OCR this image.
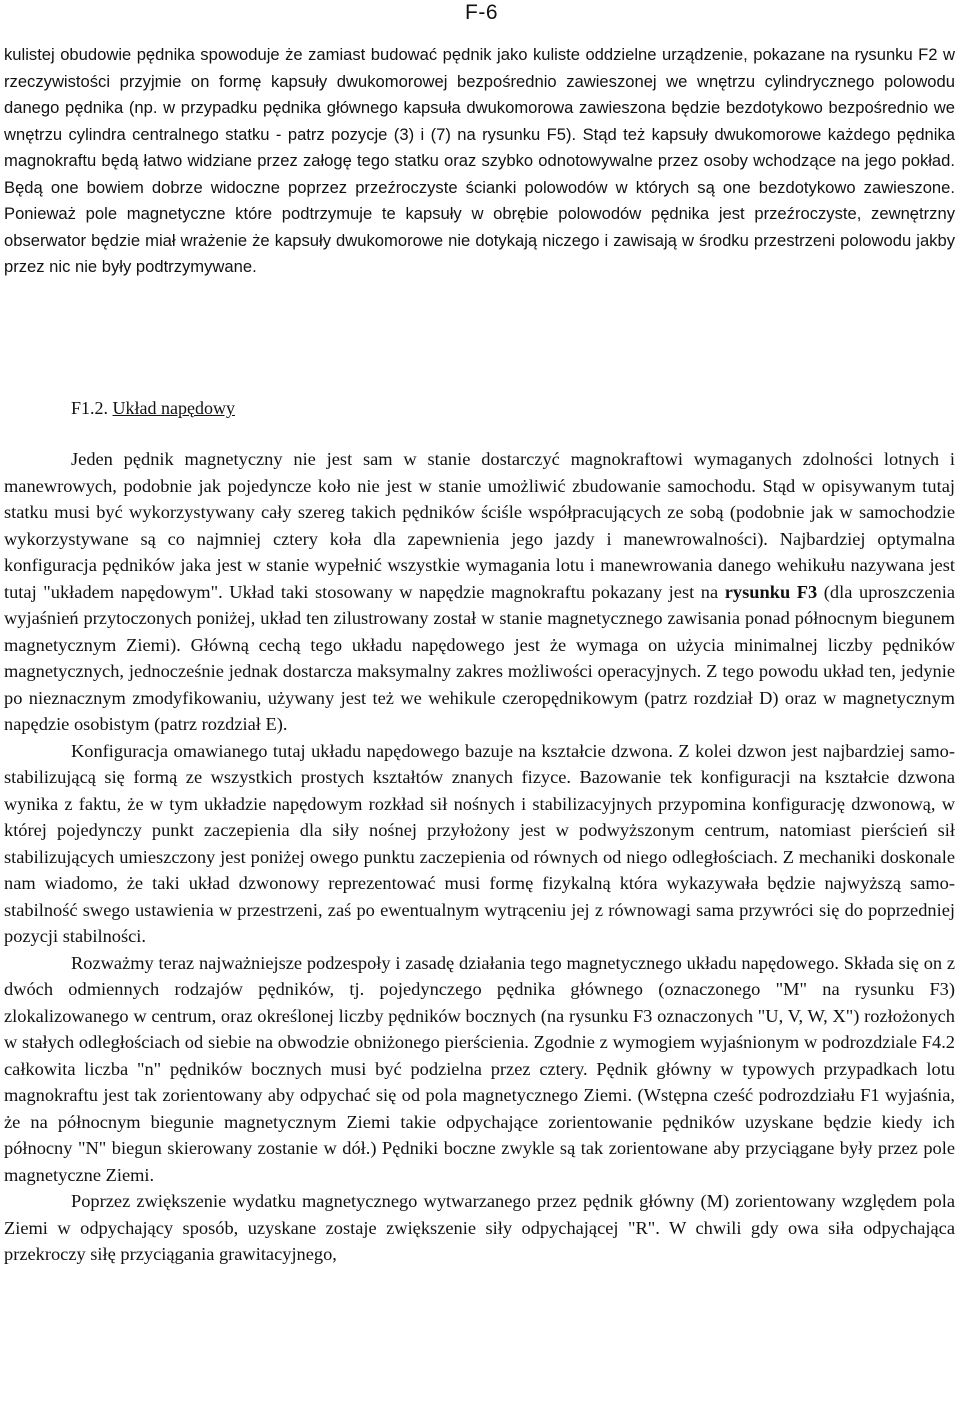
F-6

kulistej obudowie pędnika spowoduje że zamiast budować pędnik jako kuliste oddzielne urządzenie, pokazane na rysunku F2 w rzeczywistości przyjmie on formę kapsuły dwukomorowej bezpośrednio zawieszonej we wnętrzu cylindrycznego polowodu danego pędnika (np. w przypadku pędnika głównego kapsuła dwukomorowa zawieszona będzie bezdotykowo bezpośrednio we wnętrzu cylindra centralnego statku - patrz pozycje (3) i (7) na rysunku F5). Stąd też kapsuły dwukomorowe każdego pędnika magnokraftu będą łatwo widziane przez załogę tego statku oraz szybko odnotowywalne przez osoby wchodzące na jego pokład. Będą one bowiem dobrze widoczne poprzez przeźroczyste ścianki polowodów w których są one bezdotykowo zawieszone. Ponieważ pole magnetyczne które podtrzymuje te kapsuły w obrębie polowodów pędnika jest przeźroczyste, zewnętrzny obserwator będzie miał wrażenie że kapsuły dwukomorowe nie dotykają niczego i zawisają w środku przestrzeni polowodu jakby przez nic nie były podtrzymywane.

F1.2. Układ napędowy

Jeden pędnik magnetyczny nie jest sam w stanie dostarczyć magnokraftowi wymaganych zdolności lotnych i manewrowych, podobnie jak pojedyncze koło nie jest w stanie umożliwić zbudowanie samochodu. Stąd w opisywanym tutaj statku musi być wykorzystywany cały szereg takich pędników ściśle współpracujących ze sobą (podobnie jak w samochodzie wykorzystywane są co najmniej cztery koła dla zapewnienia jego jazdy i manewrowalności). Najbardziej optymalna konfiguracja pędników jaka jest w stanie wypełnić wszystkie wymagania lotu i manewrowania danego wehikułu nazywana jest tutaj "układem napędowym". Układ taki stosowany w napędzie magnokraftu pokazany jest na rysunku F3 (dla uproszczenia wyjaśnień przytoczonych poniżej, układ ten zilustrowany został w stanie magnetycznego zawisania ponad północnym biegunem magnetycznym Ziemi). Główną cechą tego układu napędowego jest że wymaga on użycia minimalnej liczby pędników magnetycznych, jednocześnie jednak dostarcza maksymalny zakres możliwości operacyjnych. Z tego powodu układ ten, jedynie po nieznacznym zmodyfikowaniu, używany jest też we wehikule czeropędnikowym (patrz rozdział D) oraz w magnetycznym napędzie osobistym (patrz rozdział E).

Konfiguracja omawianego tutaj układu napędowego bazuje na kształcie dzwona. Z kolei dzwon jest najbardziej samo-stabilizującą się formą ze wszystkich prostych kształtów znanych fizyce. Bazowanie tek konfiguracji na kształcie dzwona wynika z faktu, że w tym układzie napędowym rozkład sił nośnych i stabilizacyjnych przypomina konfigurację dzwonową, w której pojedynczy punkt zaczepienia dla siły nośnej przyłożony jest w podwyższonym centrum, natomiast pierścień sił stabilizujących umieszczony jest poniżej owego punktu zaczepienia od równych od niego odległościach. Z mechaniki doskonale nam wiadomo, że taki układ dzwonowy reprezentować musi formę fizykalną która wykazywała będzie najwyższą samo-stabilność swego ustawienia w przestrzeni, zaś po ewentualnym wytrąceniu jej z równowagi sama przywróci się do poprzedniej pozycji stabilności.

Rozważmy teraz najważniejsze podzespoły i zasadę działania tego magnetycznego układu napędowego. Składa się on z dwóch odmiennych rodzajów pędników, tj. pojedynczego pędnika głównego (oznaczonego "M" na rysunku F3) zlokalizowanego w centrum, oraz określonej liczby pędników bocznych (na rysunku F3 oznaczonych "U, V, W, X") rozłożonych w stałych odległościach od siebie na obwodzie obniżonego pierścienia. Zgodnie z wymogiem wyjaśnionym w podrozdziale F4.2 całkowita liczba "n" pędników bocznych musi być podzielna przez cztery. Pędnik główny w typowych przypadkach lotu magnokraftu jest tak zorientowany aby odpychać się od pola magnetycznego Ziemi. (Wstępna cześć podrozdziału F1 wyjaśnia, że na północnym biegunie magnetycznym Ziemi takie odpychające zorientowanie pędników uzyskane będzie kiedy ich północny "N" biegun skierowany zostanie w dół.) Pędniki boczne zwykle są tak zorientowane aby przyciągane były przez pole magnetyczne Ziemi.

Poprzez zwiększenie wydatku magnetycznego wytwarzanego przez pędnik główny (M) zorientowany względem pola Ziemi w odpychający sposób, uzyskane zostaje zwiększenie siły odpychającej "R". W chwili gdy owa siła odpychająca przekroczy siłę przyciągania grawitacyjnego,
